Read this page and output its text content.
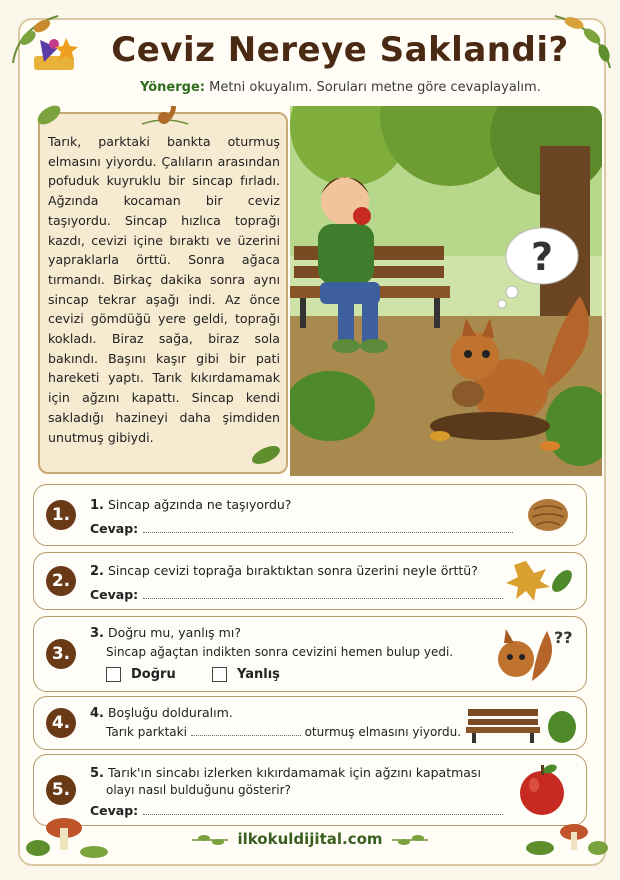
Ceviz Nereye Saklandi?
Yönerge: Metni okuyalım. Soruları metne göre cevaplayalım.

Tarık, parktaki bankta oturmuş elmasını yiyordu. Çalıların arasından pofuduk kuyruklu bir sincap fırladı. Ağzında kocaman bir ceviz taşıyordu. Sincap hızlıca toprağı kazdı, cevizi içine bıraktı ve üzerini yapraklarla örttü. Sonra ağaca tırmandı. Birkaç dakika sonra aynı sincap tekrar aşağı indi. Az önce cevizi gömdüğü yere geldi, toprağı kokladı. Biraz sağa, biraz sola bakındı. Başını kaşır gibi bir pati hareketi yaptı. Tarık kıkırdamamak için ağzını kapattı. Sincap kendi sakladığı hazineyi daha şimdiden unutmuş gibiydi.

?
1.	1. Sincap ağzında ne taşıyordu?
Cevap:
2.	2. Sincap cevizi toprağa bıraktıktan sonra üzerini neyle örttü?
Cevap:
3.
3. Doğru mu, yanlış mı?
Sincap ağaçtan indikten sonra cevizini hemen bulup yedi.
Doğru	Yanlış
??
4.	4. Boşluğu dolduralım.
Tarık parktaki	oturmuş elmasını yiyordu.
5.
5. Tarık'ın sincabı izlerken kıkırdamamak için ağzını kapatması
olayı nasıl bulduğunu gösterir?
Cevap:
ilkokuldijital.com
